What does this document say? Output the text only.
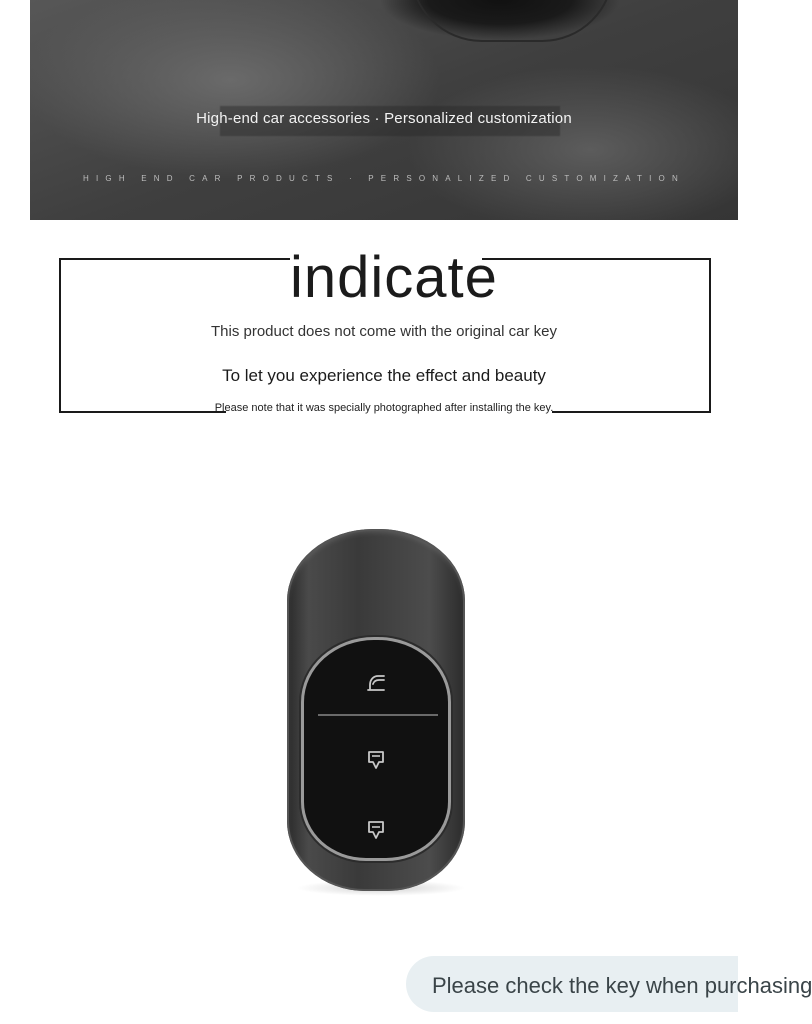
High-end car accessories · Personalized customization
HIGH END CAR PRODUCTS · PERSONALIZED CUSTOMIZATION
indicate
This product does not come with the original car key
To let you experience the effect and beauty
Please note that it was specially photographed after installing the key.
Please check the key when purchasing
